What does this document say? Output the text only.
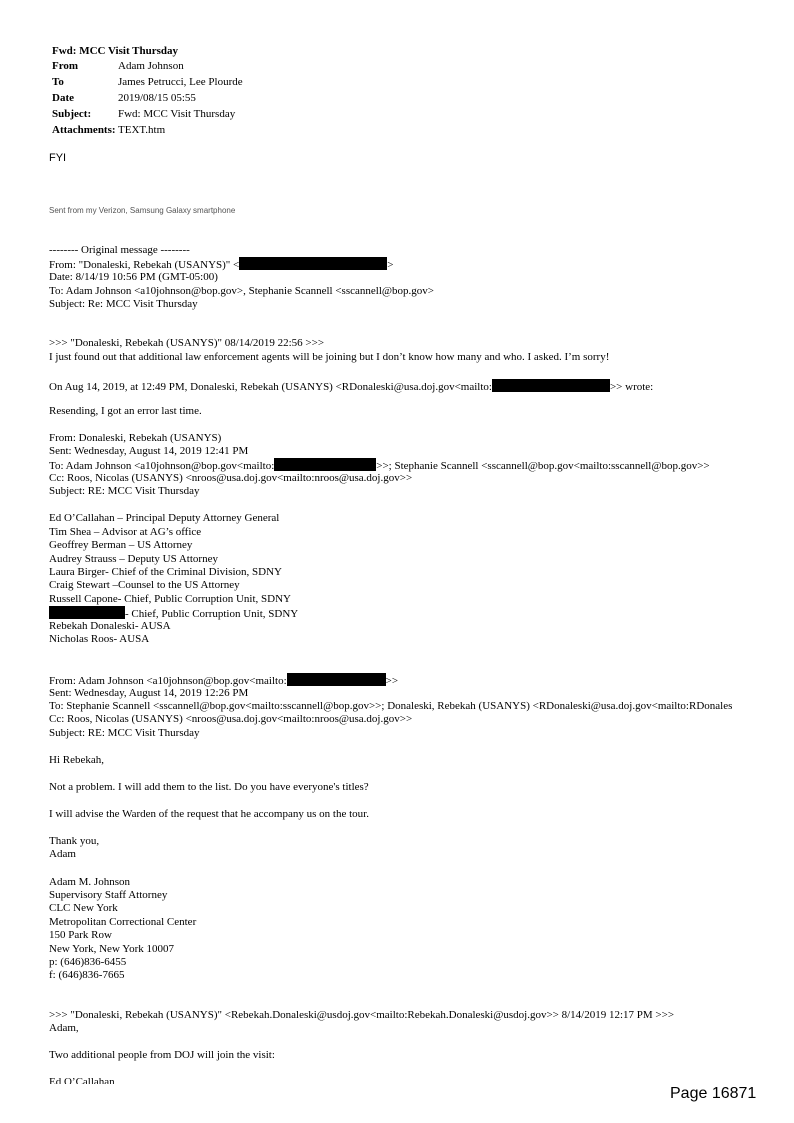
Fwd: MCC Visit Thursday
From	Adam Johnson
To	James Petrucci, Lee Plourde
Date	2019/08/15 05:55
Subject:	Fwd: MCC Visit Thursday
Attachments:	TEXT.htm
FYI
Sent from my Verizon, Samsung Galaxy smartphone
-------- Original message --------
From: "Donaleski, Rebekah (USANYS)" <	>
Date: 8/14/19 10:56 PM (GMT-05:00)
To: Adam Johnson <a10johnson@bop.gov>, Stephanie Scannell <sscannell@bop.gov>
Subject: Re: MCC Visit Thursday
>>> "Donaleski, Rebekah (USANYS)" 08/14/2019 22:56 >>>
I just found out that additional law enforcement agents will be joining but I don’t know how many and who. I asked. I’m sorry!
On Aug 14, 2019, at 12:49 PM, Donaleski, Rebekah (USANYS) <RDonaleski@usa.doj.gov<mailto:	>> wrote:
Resending, I got an error last time.
From: Donaleski, Rebekah (USANYS)
Sent: Wednesday, August 14, 2019 12:41 PM
To: Adam Johnson <a10johnson@bop.gov<mailto:	>>; Stephanie Scannell <sscannell@bop.gov<mailto:sscannell@bop.gov>>
Cc: Roos, Nicolas (USANYS) <nroos@usa.doj.gov<mailto:nroos@usa.doj.gov>>
Subject: RE: MCC Visit Thursday
Ed O’Callahan – Principal Deputy Attorney General
Tim Shea – Advisor at AG’s office
Geoffrey Berman – US Attorney
Audrey Strauss – Deputy US Attorney
Laura Birger- Chief of the Criminal Division, SDNY
Craig Stewart –Counsel to the US Attorney
Russell Capone- Chief, Public Corruption Unit, SDNY
- Chief, Public Corruption Unit, SDNY
Rebekah Donaleski- AUSA
Nicholas Roos- AUSA
From: Adam Johnson <a10johnson@bop.gov<mailto:	>>
Sent: Wednesday, August 14, 2019 12:26 PM
To: Stephanie Scannell <sscannell@bop.gov<mailto:sscannell@bop.gov>>; Donaleski, Rebekah (USANYS) <RDonaleski@usa.doj.gov<mailto:RDonales
Cc: Roos, Nicolas (USANYS) <nroos@usa.doj.gov<mailto:nroos@usa.doj.gov>>
Subject: RE: MCC Visit Thursday
Hi Rebekah,
Not a problem. I will add them to the list. Do you have everyone's titles?
I will advise the Warden of the request that he accompany us on the tour.
Thank you,
Adam
Adam M. Johnson
Supervisory Staff Attorney
CLC New York
Metropolitan Correctional Center
150 Park Row
New York, New York 10007
p: (646)836-6455
f: (646)836-7665
>>> "Donaleski, Rebekah (USANYS)" <Rebekah.Donaleski@usdoj.gov<mailto:Rebekah.Donaleski@usdoj.gov>> 8/14/2019 12:17 PM >>>
Adam,
Two additional people from DOJ will join the visit:
Ed O’Callahan
Page 16871
